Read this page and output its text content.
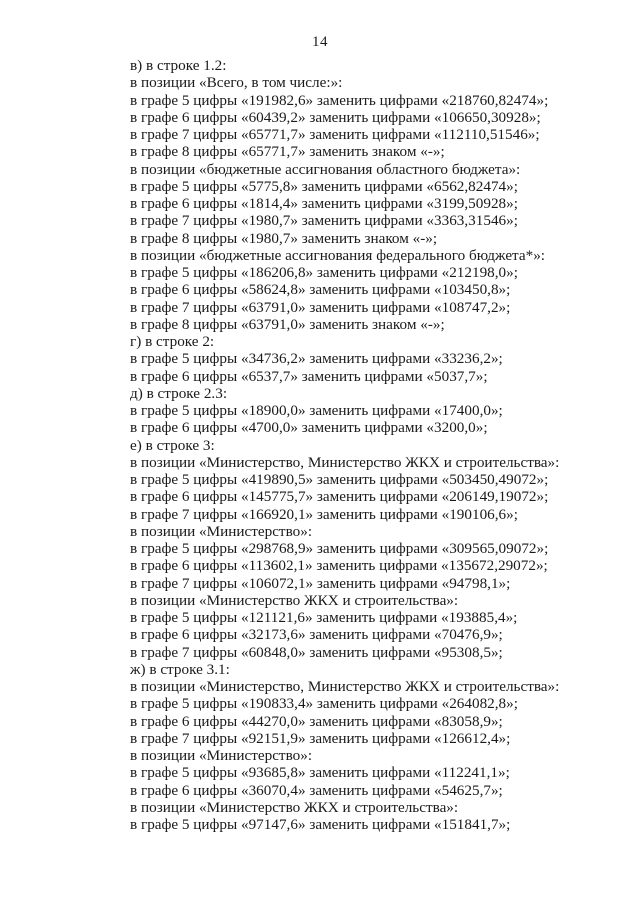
14
в) в строке 1.2:
в позиции «Всего, в том числе:»:
в графе 5 цифры «191982,6» заменить цифрами «218760,82474»;
в графе 6 цифры «60439,2» заменить цифрами «106650,30928»;
в графе 7 цифры «65771,7» заменить цифрами «112110,51546»;
в графе 8 цифры «65771,7» заменить знаком «-»;
в позиции «бюджетные ассигнования областного бюджета»:
в графе 5 цифры «5775,8» заменить цифрами «6562,82474»;
в графе 6 цифры «1814,4» заменить цифрами «3199,50928»;
в графе 7 цифры «1980,7» заменить цифрами «3363,31546»;
в графе 8 цифры «1980,7» заменить знаком «-»;
в позиции «бюджетные ассигнования федерального бюджета*»:
в графе 5 цифры «186206,8» заменить цифрами «212198,0»;
в графе 6 цифры «58624,8» заменить цифрами «103450,8»;
в графе 7 цифры «63791,0» заменить цифрами «108747,2»;
в графе 8 цифры «63791,0» заменить знаком «-»;
г) в строке 2:
в графе 5 цифры «34736,2» заменить цифрами «33236,2»;
в графе 6 цифры «6537,7» заменить цифрами «5037,7»;
д) в строке 2.3:
в графе 5 цифры «18900,0» заменить цифрами «17400,0»;
в графе 6 цифры «4700,0» заменить цифрами «3200,0»;
е) в строке 3:
в позиции «Министерство, Министерство ЖКХ и строительства»:
в графе 5 цифры «419890,5» заменить цифрами «503450,49072»;
в графе 6 цифры «145775,7» заменить цифрами «206149,19072»;
в графе 7 цифры «166920,1» заменить цифрами «190106,6»;
в позиции «Министерство»:
в графе 5 цифры «298768,9» заменить цифрами «309565,09072»;
в графе 6 цифры «113602,1» заменить цифрами «135672,29072»;
в графе 7 цифры «106072,1» заменить цифрами «94798,1»;
в позиции «Министерство ЖКХ и строительства»:
в графе 5 цифры «121121,6» заменить цифрами «193885,4»;
в графе 6 цифры «32173,6» заменить цифрами «70476,9»;
в графе 7 цифры «60848,0» заменить цифрами «95308,5»;
ж) в строке 3.1:
в позиции «Министерство, Министерство ЖКХ и строительства»:
в графе 5 цифры «190833,4» заменить цифрами «264082,8»;
в графе 6 цифры «44270,0» заменить цифрами «83058,9»;
в графе 7 цифры «92151,9» заменить цифрами «126612,4»;
в позиции «Министерство»:
в графе 5 цифры «93685,8» заменить цифрами «112241,1»;
в графе 6 цифры «36070,4» заменить цифрами «54625,7»;
в позиции «Министерство ЖКХ и строительства»:
в графе 5 цифры «97147,6» заменить цифрами «151841,7»;
